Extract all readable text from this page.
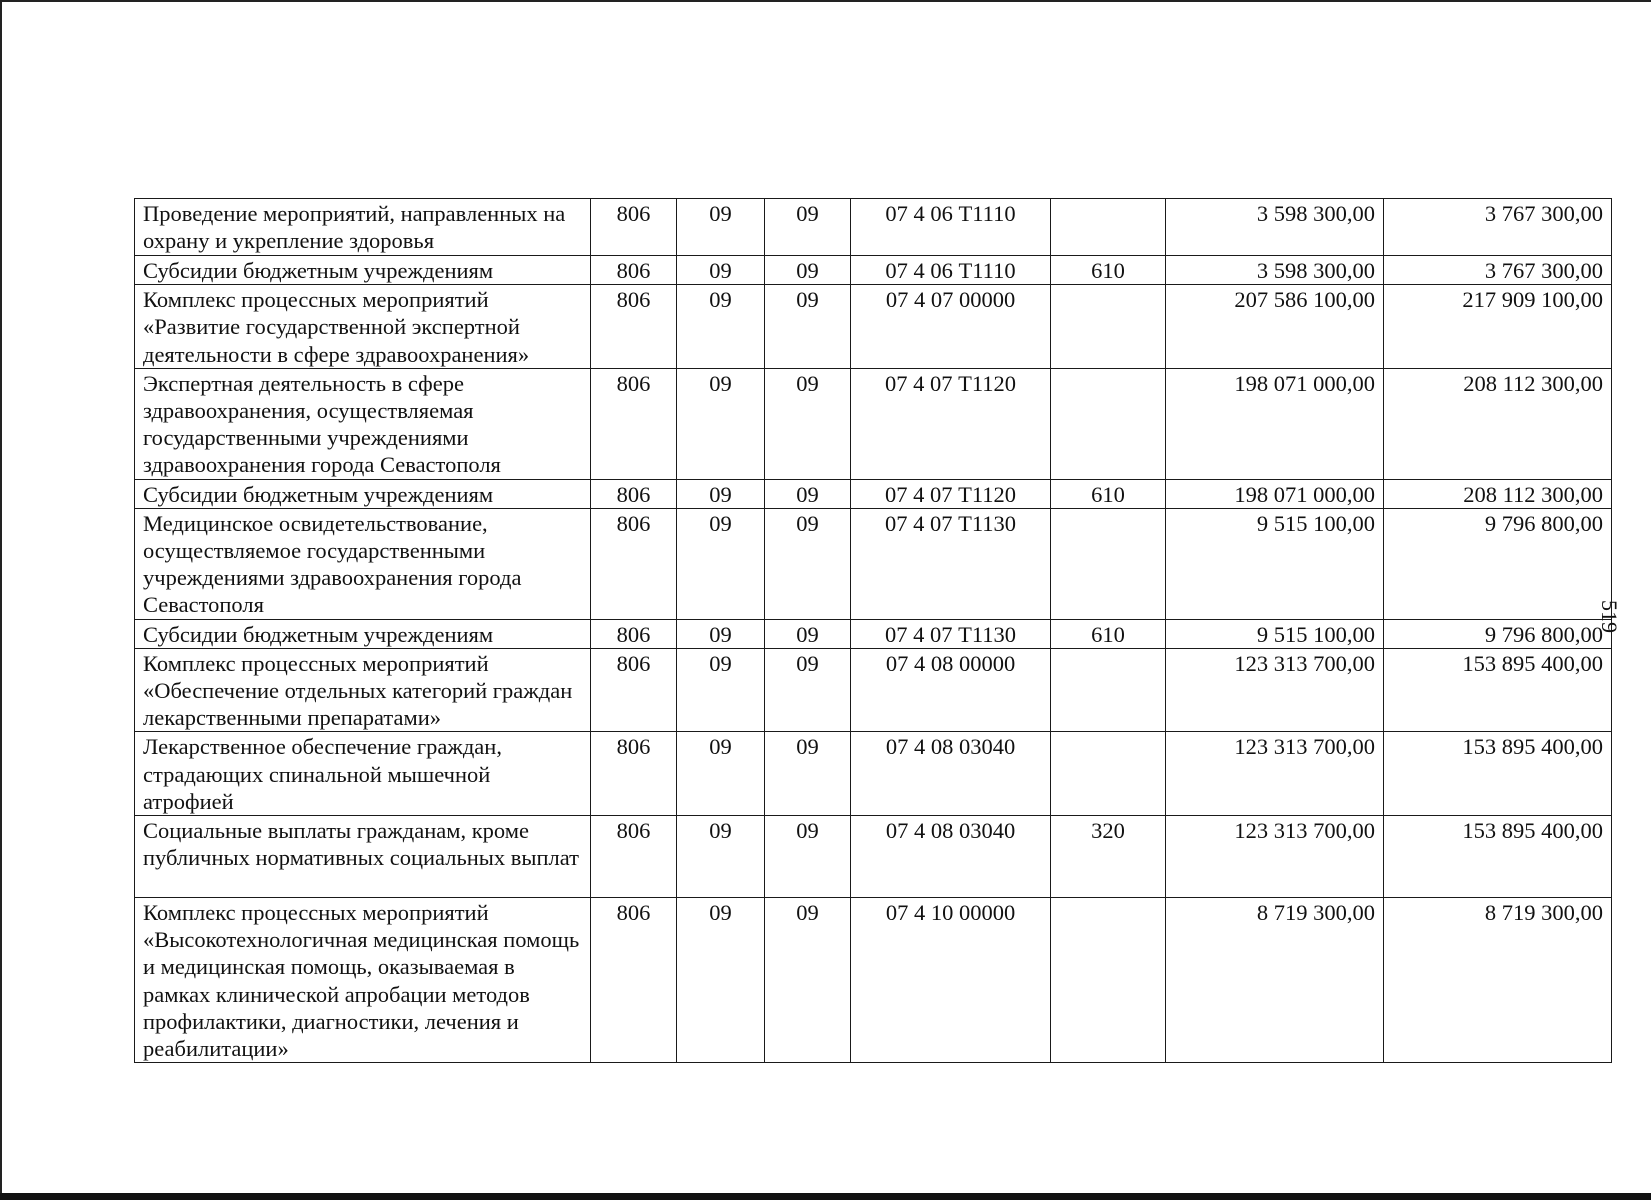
Проведение мероприятий, направленных на охрану и укрепление здоровья	806	09	09	07 4 06 Т1110		3 598 300,00	3 767 300,00
Субсидии бюджетным учреждениям	806	09	09	07 4 06 Т1110	610	3 598 300,00	3 767 300,00
Комплекс процессных мероприятий «Развитие государственной экспертной деятельности в сфере здравоохранения»	806	09	09	07 4 07 00000		207 586 100,00	217 909 100,00
Экспертная деятельность в сфере здравоохранения, осуществляемая государственными учреждениями здравоохранения города Севастополя	806	09	09	07 4 07 Т1120		198 071 000,00	208 112 300,00
Субсидии бюджетным учреждениям	806	09	09	07 4 07 Т1120	610	198 071 000,00	208 112 300,00
Медицинское освидетельствование, осуществляемое государственными учреждениями здравоохранения города Севастополя	806	09	09	07 4 07 Т1130		9 515 100,00	9 796 800,00
Субсидии бюджетным учреждениям	806	09	09	07 4 07 Т1130	610	9 515 100,00	9 796 800,00
Комплекс процессных мероприятий «Обеспечение отдельных категорий граждан лекарственными препаратами»	806	09	09	07 4 08 00000		123 313 700,00	153 895 400,00
Лекарственное обеспечение граждан, страдающих спинальной мышечной атрофией	806	09	09	07 4 08 03040		123 313 700,00	153 895 400,00
Социальные выплаты гражданам, кроме публичных нормативных социальных выплат	806	09	09	07 4 08 03040	320	123 313 700,00	153 895 400,00
Комплекс процессных мероприятий «Высокотехнологичная медицинская помощь и медицинская помощь, оказываемая в рамках клинической апробации методов профилактики, диагностики, лечения и реабилитации»	806	09	09	07 4 10 00000		8 719 300,00	8 719 300,00
519
